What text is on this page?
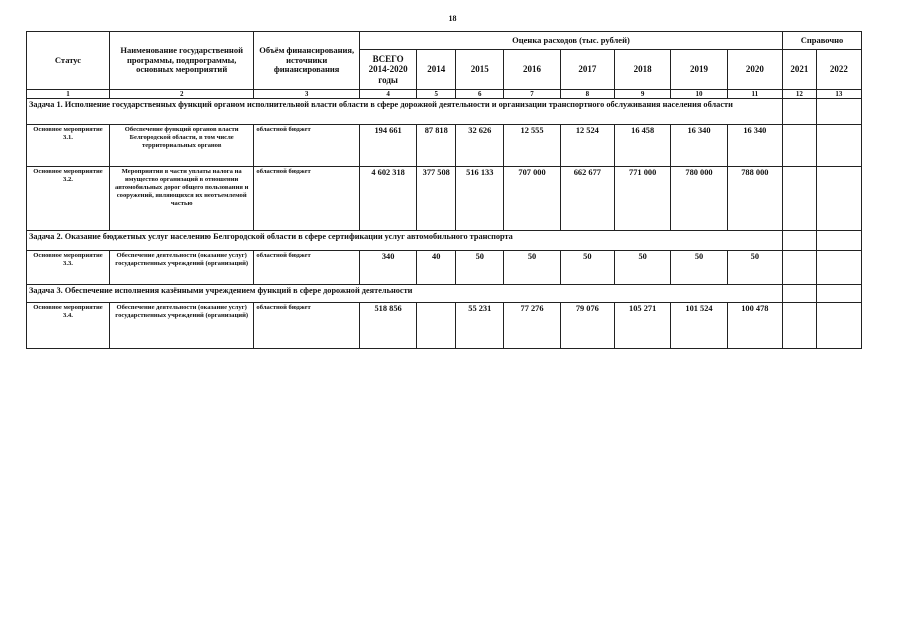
18
Статус	Наименование государственной программы, подпрограммы, основных мероприятий	Объём финансирования, источники финансирования	Оценка расходов (тыс. рублей)								Справочно	
			ВСЕГО 2014-2020 годы	2014	2015	2016	2017	2018	2019	2020	2021	2022
1	2	3	4	5	6	7	8	9	10	11	12	13
Задача 1. Исполнение государственных функций органом исполнительной власти области в сфере дорожной деятельности и организации транспортного обслуживания населения области												
Основное мероприятие 3.1.	Обеспечение функций органов власти Белгородской области, в том числе территориальных органов	областной бюджет	194 661	87 818	32 626	12 555	12 524	16 458	16 340	16 340		
Основное мероприятие 3.2.	Мероприятия в части уплаты налога на имущество организаций в отношении автомобильных дорог общего пользования и сооружений, являющихся их неотъемлемой частью	областной бюджет	4 602 318	377 508	516 133	707 000	662 677	771 000	780 000	788 000		
Задача 2. Оказание бюджетных услуг населению Белгородской области в сфере сертификации услуг автомобильного транспорта												
Основное мероприятие 3.3.	Обеспечение деятельности (оказание услуг) государственных учреждений (организаций)	областной бюджет	340	40	50	50	50	50	50	50		
Задача 3. Обеспечение исполнения казёнными учреждением функций в сфере дорожной деятельности												
Основное мероприятие 3.4.	Обеспечение деятельности (оказание услуг) государственных учреждений (организаций)	областной бюджет	518 856		55 231	77 276	79 076	105 271	101 524	100 478		
